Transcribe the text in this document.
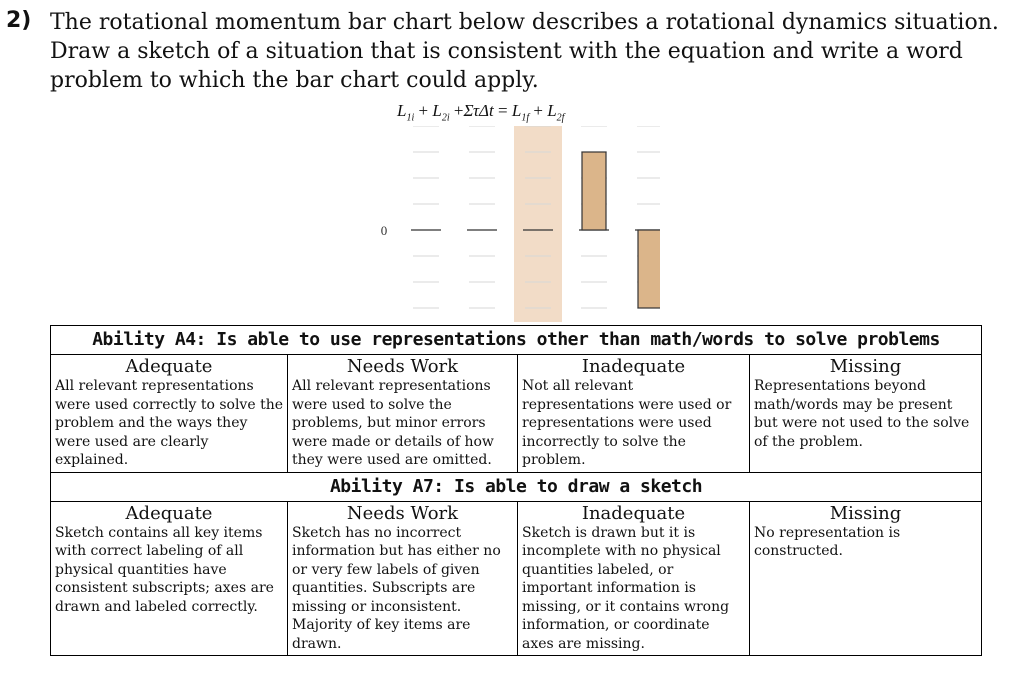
2) The rotational momentum bar chart below describes a rotational dynamics situation. Draw a sketch of a situation that is consistent with the equation and write a word problem to which the bar chart could apply.
$L_{1i} + L_{2i} +\Sigma\tau\Delta t = L_{1f} + L_{2f}$
0
Ability A4: Is able to use representations other than math/words to solve problems			
Adequate	Needs Work	Inadequate	Missing
All relevant representations were used correctly to solve the problem and the ways they were used are clearly explained.	All relevant representations were used to solve the problems, but minor errors were made or details of how they were used are omitted.	Not all relevant representations were used or representations were used incorrectly to solve the problem.	Representations beyond math/words may be present but were not used to the solve of the problem.
Ability A7: Is able to draw a sketch			
Adequate	Needs Work	Inadequate	Missing
Sketch contains all key items with correct labeling of all physical quantities have consistent subscripts; axes are drawn and labeled correctly.	Sketch has no incorrect information but has either no or very few labels of given quantities. Subscripts are missing or inconsistent. Majority of key items are drawn.	Sketch is drawn but it is incomplete with no physical quantities labeled, or important information is missing, or it contains wrong information, or coordinate axes are missing.	No representation is constructed.
